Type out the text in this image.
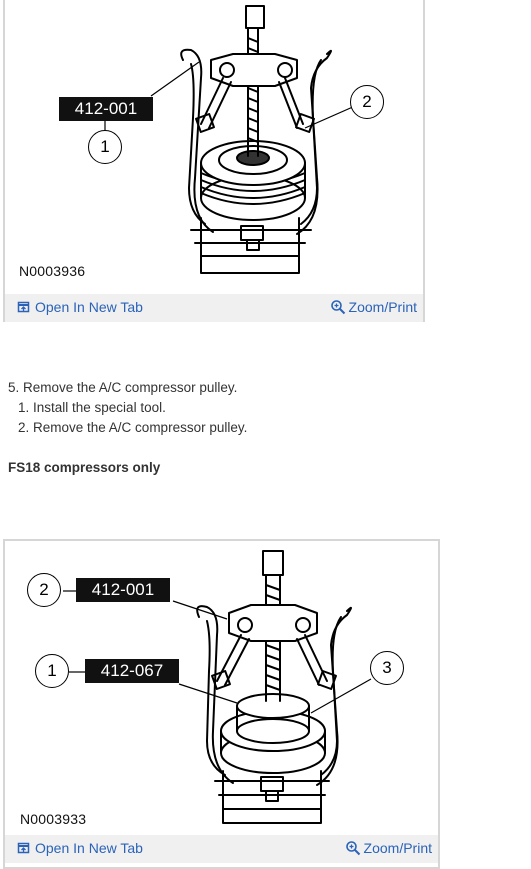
412-001
1
2
N0003936
Open In New Tab	Zoom/Print
5. Remove the A/C compressor pulley.
1. Install the special tool.
2. Remove the A/C compressor pulley.
FS18 compressors only
2	412-001
1	412-067	3
N0003933
Open In New Tab	Zoom/Print
